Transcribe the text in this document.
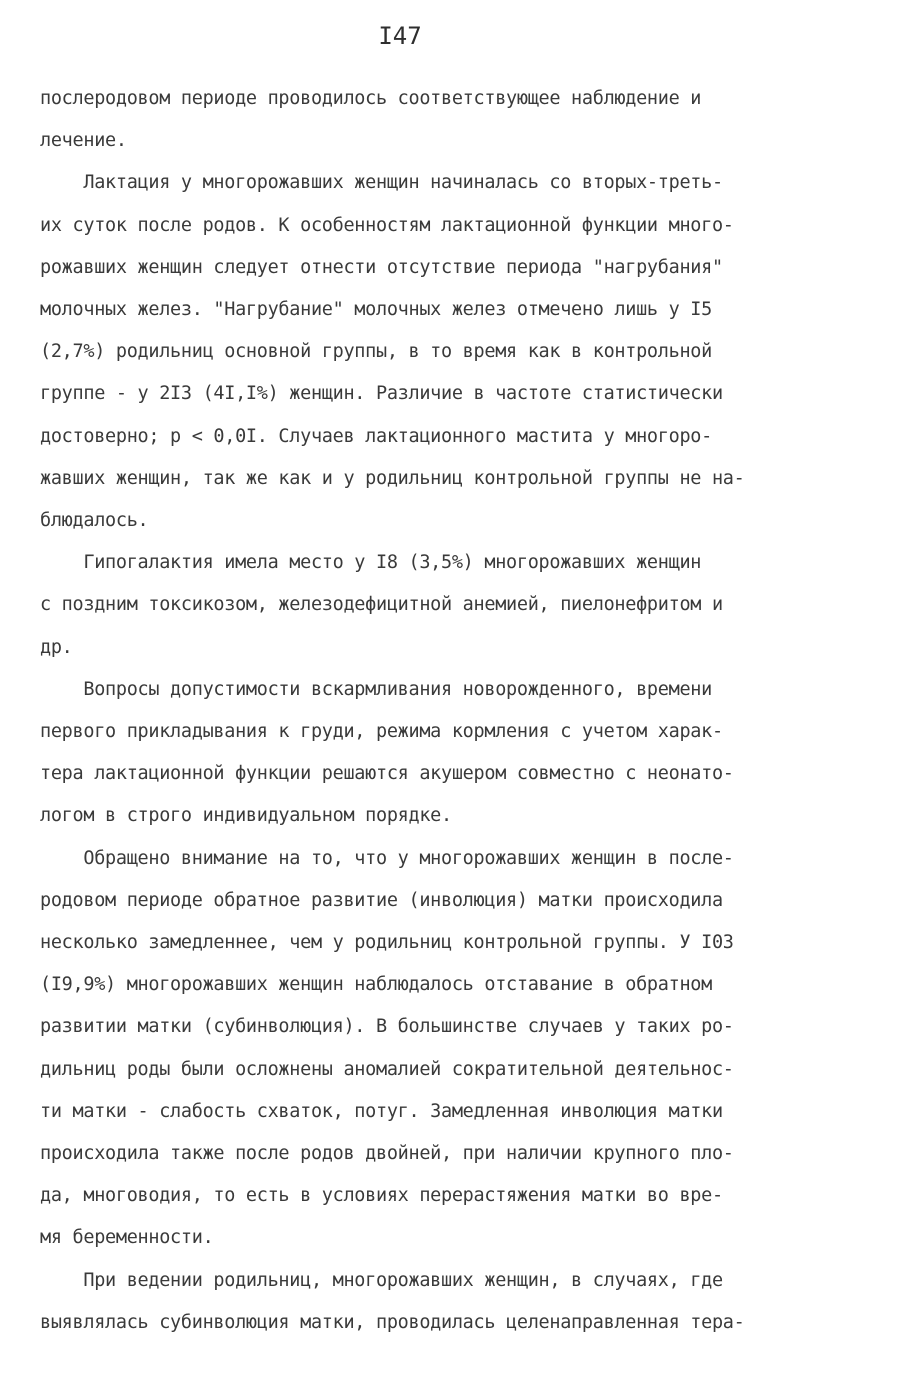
I47
послеродовом периоде проводилось соответствующее наблюдение и
лечение.
Лактация у многорожавших женщин начиналась со вторых-треть-
их суток после родов. К особенностям лактационной функции много-
рожавших женщин следует отнести отсутствие периода "нагрубания"
молочных желез. "Нагрубание" молочных желез отмечено лишь у I5
(2,7%) родильниц основной группы, в то время как в контрольной
группе - у 2I3 (4I,I%) женщин. Различие в частоте статистически
достоверно; р < 0,0I. Случаев лактационного мастита у многоро-
жавших женщин, так же как и у родильниц контрольной группы не на-
блюдалось.
Гипогалактия имела место у I8 (3,5%) многорожавших женщин
с поздним токсикозом, железодефицитной анемией, пиелонефритом и
др.
Вопросы допустимости вскармливания новорожденного, времени
первого прикладывания к груди, режима кормления с учетом харак-
тера лактационной функции решаются акушером совместно с неонато-
логом в строго индивидуальном порядке.
Обращено внимание на то, что у многорожавших женщин в после-
родовом периоде обратное развитие (инволюция) матки происходила
несколько замедленнее, чем у родильниц контрольной группы. У I03
(I9,9%) многорожавших женщин наблюдалось отставание в обратном
развитии матки (субинволюция). В большинстве случаев у таких ро-
дильниц роды были осложнены аномалией сократительной деятельнос-
ти матки - слабость схваток, потуг. Замедленная инволюция матки
происходила также после родов двойней, при наличии крупного пло-
да, многоводия, то есть в условиях перерастяжения матки во вре-
мя беременности.
При ведении родильниц, многорожавших женщин, в случаях, где
выявлялась субинволюция матки, проводилась целенаправленная тера-
